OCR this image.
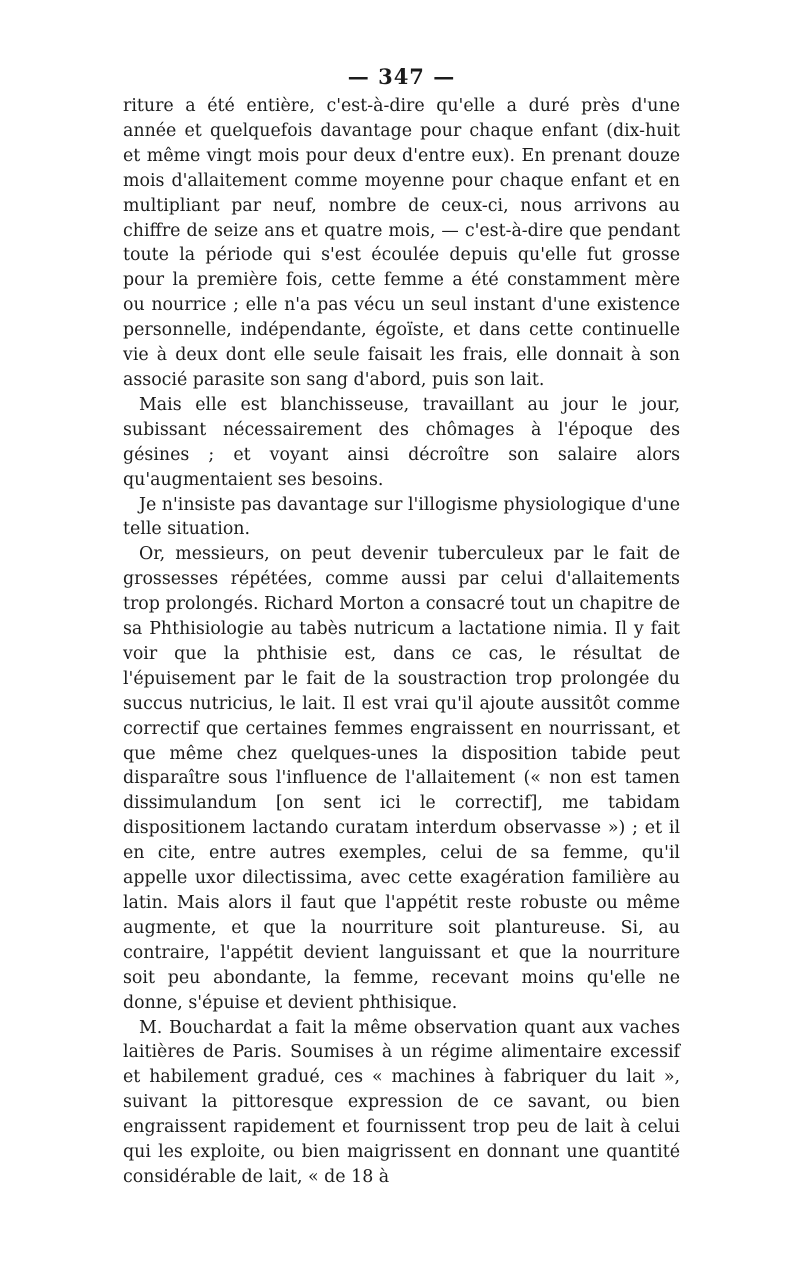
— 347 —

riture a été entière, c'est-à-dire qu'elle a duré près d'une année et quelquefois davantage pour chaque enfant (dix-huit et même vingt mois pour deux d'entre eux). En prenant douze mois d'allaitement comme moyenne pour chaque enfant et en multipliant par neuf, nombre de ceux-ci, nous arrivons au chiffre de seize ans et quatre mois, — c'est-à-dire que pendant toute la période qui s'est écoulée depuis qu'elle fut grosse pour la première fois, cette femme a été constamment mère ou nourrice ; elle n'a pas vécu un seul instant d'une existence personnelle, indépendante, égoïste, et dans cette continuelle vie à deux dont elle seule faisait les frais, elle donnait à son associé parasite son sang d'abord, puis son lait.

Mais elle est blanchisseuse, travaillant au jour le jour, subissant nécessairement des chômages à l'époque des gésines ; et voyant ainsi décroître son salaire alors qu'augmentaient ses besoins.

Je n'insiste pas davantage sur l'illogisme physiologique d'une telle situation.

Or, messieurs, on peut devenir tuberculeux par le fait de grossesses répétées, comme aussi par celui d'allaitements trop prolongés. Richard Morton a consacré tout un chapitre de sa Phthisiologie au tabès nutricum a lactatione nimia. Il y fait voir que la phthisie est, dans ce cas, le résultat de l'épuisement par le fait de la soustraction trop prolongée du succus nutricius, le lait. Il est vrai qu'il ajoute aussitôt comme correctif que certaines femmes engraissent en nourrissant, et que même chez quelques-unes la disposition tabide peut disparaître sous l'influence de l'allaitement (« non est tamen dissimulandum [on sent ici le correctif], me tabidam dispositionem lactando curatam interdum observasse ») ; et il en cite, entre autres exemples, celui de sa femme, qu'il appelle uxor dilectissima, avec cette exagération familière au latin. Mais alors il faut que l'appétit reste robuste ou même augmente, et que la nourriture soit plantureuse. Si, au contraire, l'appétit devient languissant et que la nourriture soit peu abondante, la femme, recevant moins qu'elle ne donne, s'épuise et devient phthisique.

M. Bouchardat a fait la même observation quant aux vaches laitières de Paris. Soumises à un régime alimentaire excessif et habilement gradué, ces « machines à fabriquer du lait », suivant la pittoresque expression de ce savant, ou bien engraissent rapidement et fournissent trop peu de lait à celui qui les exploite, ou bien maigrissent en donnant une quantité considérable de lait, « de 18 à
